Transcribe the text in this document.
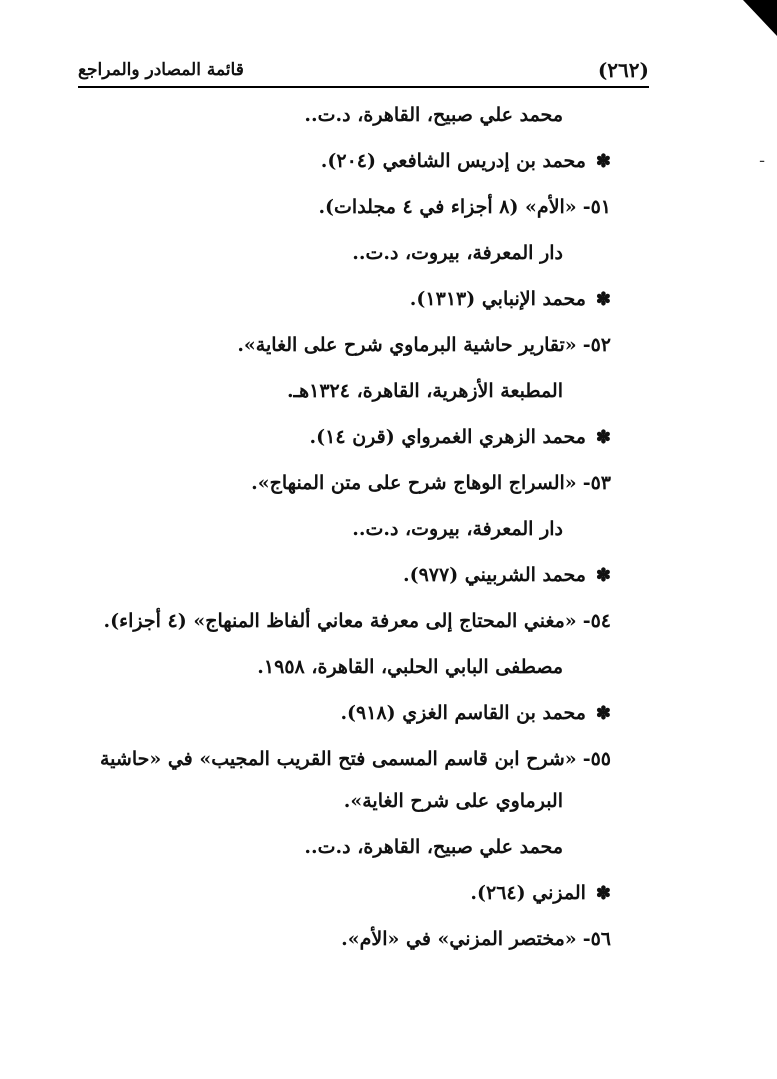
(٢٦٢)
قائمة المصادر والمراجع
ـ
محمد علي صبيح، القاهرة، د.ت..
✽محمد بن إدريس الشافعي (٢٠٤).
٥١-«الأم» (٨ أجزاء في ٤ مجلدات).
دار المعرفة، بيروت، د.ت..
✽محمد الإنبابي (١٣١٣).
٥٢-«تقارير حاشية البرماوي شرح على الغاية».
المطبعة الأزهرية، القاهرة، ١٣٢٤هـ.
✽محمد الزهري الغمرواي (قرن ١٤).
٥٣-«السراج الوهاج شرح على متن المنهاج».
دار المعرفة، بيروت، د.ت..
✽محمد الشربيني (٩٧٧).
٥٤-«مغني المحتاج إلى معرفة معاني ألفاظ المنهاج» (٤ أجزاء).
مصطفى البابي الحلبي، القاهرة، ١٩٥٨.
✽محمد بن القاسم الغزي (٩١٨).
٥٥-«شرح ابن قاسم المسمى فتح القريب المجيب» في «حاشية
البرماوي على شرح الغاية».
محمد علي صبيح، القاهرة، د.ت..
✽المزني (٢٦٤).
٥٦-«مختصر المزني» في «الأم».
